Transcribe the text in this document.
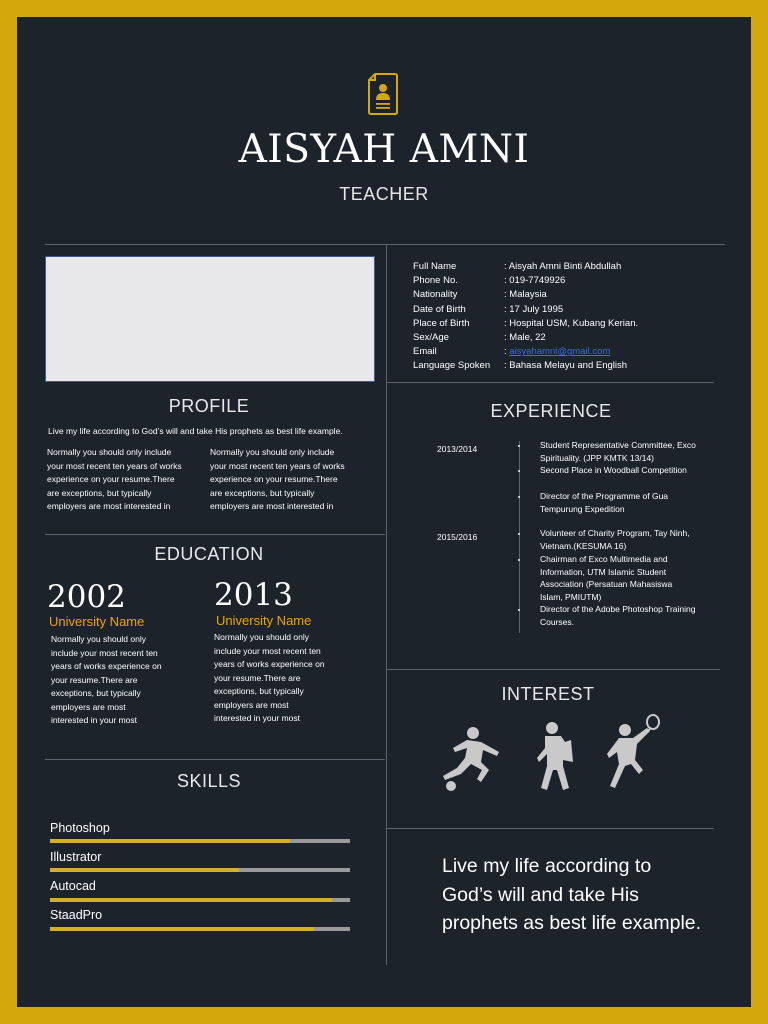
AISYAH AMNI
TEACHER
Full Name	: Aisyah Amni Binti Abdullah
Phone No.	: 019-7749926
Nationality	: Malaysia
Date of Birth	: 17 July 1995
Place of Birth	: Hospital USM, Kubang Kerian.
Sex/Age	: Male, 22
Email	:
aisyahamni@gmail.com
Language Spoken	: Bahasa Melayu and English
PROFILE
Live my life according to God’s will and take His prophets as best life example.
Normally you should only include
your most recent ten years of works
experience on your resume.There
are exceptions, but typically
employers are most interested in
Normally you should only include
your most recent ten years of works
experience on your resume.There
are exceptions, but typically
employers are most interested in
EDUCATION
2002
University Name
Normally you should only
include your most recent ten
years of works experience on
your resume.There are
exceptions, but typically
employers are most
interested in your most
2013
University Name
Normally you should only
include your most recent ten
years of works experience on
your resume.There are
exceptions, but typically
employers are most
interested in your most
SKILLS
Photoshop
Illustrator
Autocad
StaadPro
EXPERIENCE
2013/2014	Student Representative Committee, Exco Spirituality. (JPP KMTK 13/14)
Second Place in Woodball Competition
Director of the Programme of Gua Tempurung Expedition
2015/2016	Volunteer of Charity Program, Tay Ninh, Vietnam.(KESUMA 16)
Chairman of Exco Multimedia and Information, UTM Islamic Student Association (Persatuan Mahasiswa Islam, PMIUTM)
Director of the Adobe Photoshop Training Courses.
INTEREST
Live my life according to God’s will and take His prophets as best life example.
